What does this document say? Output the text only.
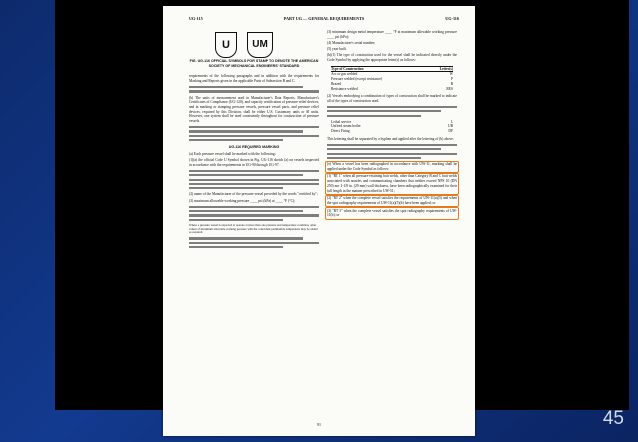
UG-115	PART UG — GENERAL REQUIREMENTS	UG-116
U	UM
FIG. UG-116 OFFICIAL SYMBOLS FOR STAMP TO DENOTE THE AMERICAN SOCIETY OF MECHANICAL ENGINEERS' STANDARD
requirements of the following paragraphs and in addition with the requirements for Marking and Reports given in the applicable Parts of Subsection B and C.
(b) The units of measurement used in Manufacturer's Data Reports, Manufacturer's Certificates of Compliance (UG-120), and capacity certification of pressure relief devices, and in marking or stamping pressure vessels, pressure vessel parts, and pressure relief devices, required by this Division, shall be either U.S. Customary units or SI units. However, one system shall be used consistently throughout for construction of pressure vessels.
UG-116 REQUIRED MARKING
(a) Each pressure vessel shall be marked with the following:
(1)(a) the official Code U Symbol shown in Fig. UG-116 sketch (a) on vessels inspected in accordance with the requirements in UG-90 through UG-97.
(2) name of the Manufacturer of the pressure vessel preceded by the words "certified by";
(3) maximum allowable working pressure ____ psi (kPa) at ____ °F (°C);
Where a pressure vessel is expected to operate at more than one pressure and temperature condition, other values of maximum allowable working pressure with the coincident permissible temperature may be added as required.
(3) minimum design metal temperature ____ °F at maximum allowable working pressure ____ psi (kPa);
(4) Manufacturer's serial number;
(5) year built.
(b)(1) The type of construction used for the vessel shall be indicated directly under the Code Symbol by applying the appropriate letter(s) as follows:
Type of Construction	Letter(s)
Arc or gas welded	W
Pressure welded (except resistance)	P
Brazed	B
Resistance welded	RES
(2) Vessels embodying a combination of types of construction shall be marked to indicate all of the types of construction used.
Lethal service	L
Unfired steam boiler	UB
Direct Firing	DF
This lettering shall be separated by a hyphen and applied after the lettering of (b) above.
(e) When a vessel has been radiographed in accordance with UW-11, marking shall be applied under the Code Symbol as follows:
(1) "RT 1" when all pressure-retaining butt welds, other than Category B and C butt welds associated with nozzles and communicating chambers that neither exceed NPS 10 (DN 250) nor 1-1/8 in. (29 mm) wall thickness, have been radiographically examined for their full length in the manner prescribed in UW-51;
(2) "RT 2" when the complete vessel satisfies the requirements of UW-11(a)(5) and when the spot radiography requirements of UW-11(a)(5)(b) have been applied; or
(3) "RT 3" when the complete vessel satisfies the spot radiography requirements of UW-11(b); or
91	45
